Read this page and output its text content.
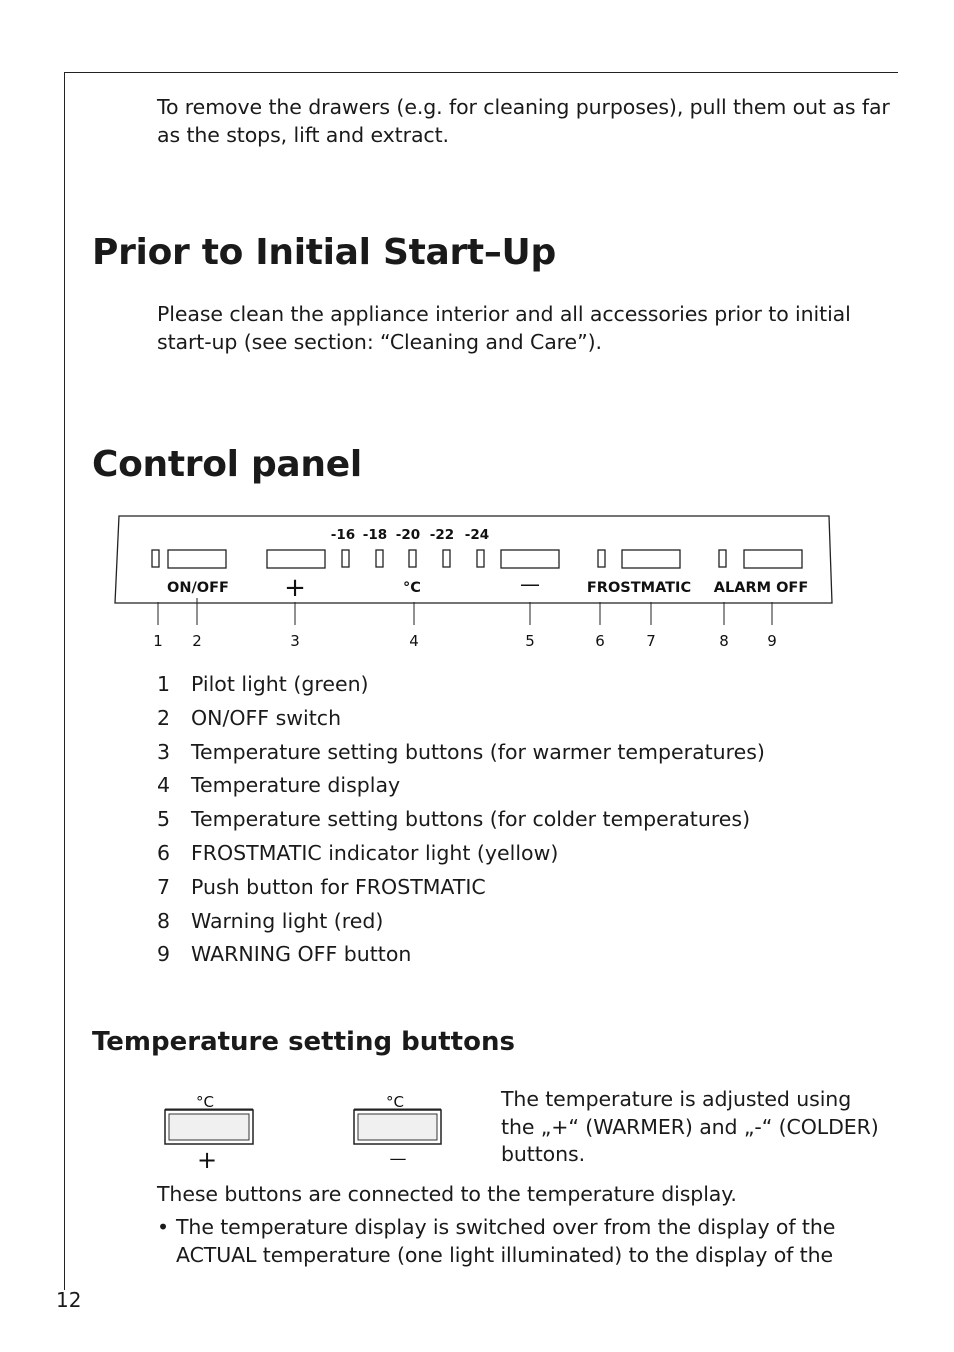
To remove the drawers (e.g. for cleaning purposes), pull them out as far
as the stops, lift and extract.
Prior to Initial Start–Up
Please clean the appliance interior and all accessories prior to initial
start-up (see section: “Cleaning and Care”).
Control panel
-16 -18 -20 -22 -24
ON/OFF +	°C	—	FROSTMATIC ALARM OFF
1 2	3	4	5	6	7	8	9
1 Pilot light (green)
2 ON/OFF switch
3 Temperature setting buttons (for warmer temperatures)
4 Temperature display
5 Temperature setting buttons (for colder temperatures)
6 FROSTMATIC indicator light (yellow)
7 Push button for FROSTMATIC
8 Warning light (red)
9 WARNING OFF button
Temperature setting buttons
°C
+
°C
—
The temperature is adjusted using
the „+“ (WARMER) and „-“ (COLDER)
buttons.
These buttons are connected to the temperature display.
• The temperature display is switched over from the display of the
ACTUAL temperature (one light illuminated) to the display of the
12
